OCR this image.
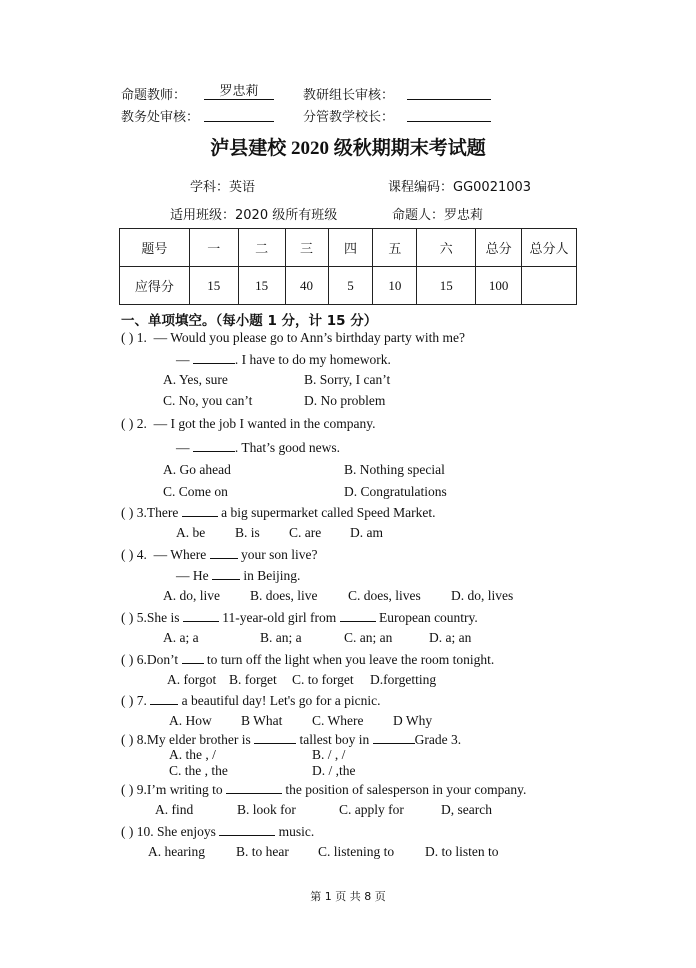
命题教师：	罗忠莉	教研组长审核：
教务处审核：	分管教学校长：
泸县建校 2020 级秋期期末考试题
学科：英语	课程编码：GG0021003
适用班级：2020 级所有班级	命题人：罗忠莉
题号	一	二	三	四	五	六	总分	总分人
应得分	15	15	40	5	10	15	100	
一、单项填空。（每小题 1 分，计 15 分）
( ) 1. — Would you please go to Ann’s birthday party with me?
—	. I have to do my homework.
A. Yes, sure	B. Sorry, I can’t
C. No, you can’t	D. No problem
( ) 2. — I got the job I wanted in the company.
—	. That’s good news.
A. Go ahead	B. Nothing special
C. Come on	D. Congratulations
( ) 3.There	a big supermarket called Speed Market.
A. be B. is C. are D. am
( ) 4. — Where  your son live?
— He  in Beijing.
A. do, live B. does, live C. does, lives D. do, lives
( ) 5.She is	11-year-old girl from	European country.
A. a; a	B. an; a	C. an; an	D. a; an
( ) 6.Don’t  to turn off the light when you leave the room tonight.
A. forgot B. forget C. to forget D.forgetting
( ) 7.  a beautiful day! Let's go for a picnic.
A. How B What C. Where D Why
( ) 8.My elder brother is	tallest boy in	Grade 3.
A. the , /	B. / , /
C. the , the	D. / ,the
( ) 9.I’m writing to	the position of salesperson in your company.
A. find	B. look for	C. apply for	D, search
( ) 10. She enjoys	music.
A. hearing B. to hear C. listening to D. to listen to
第 1 页 共 8 页
